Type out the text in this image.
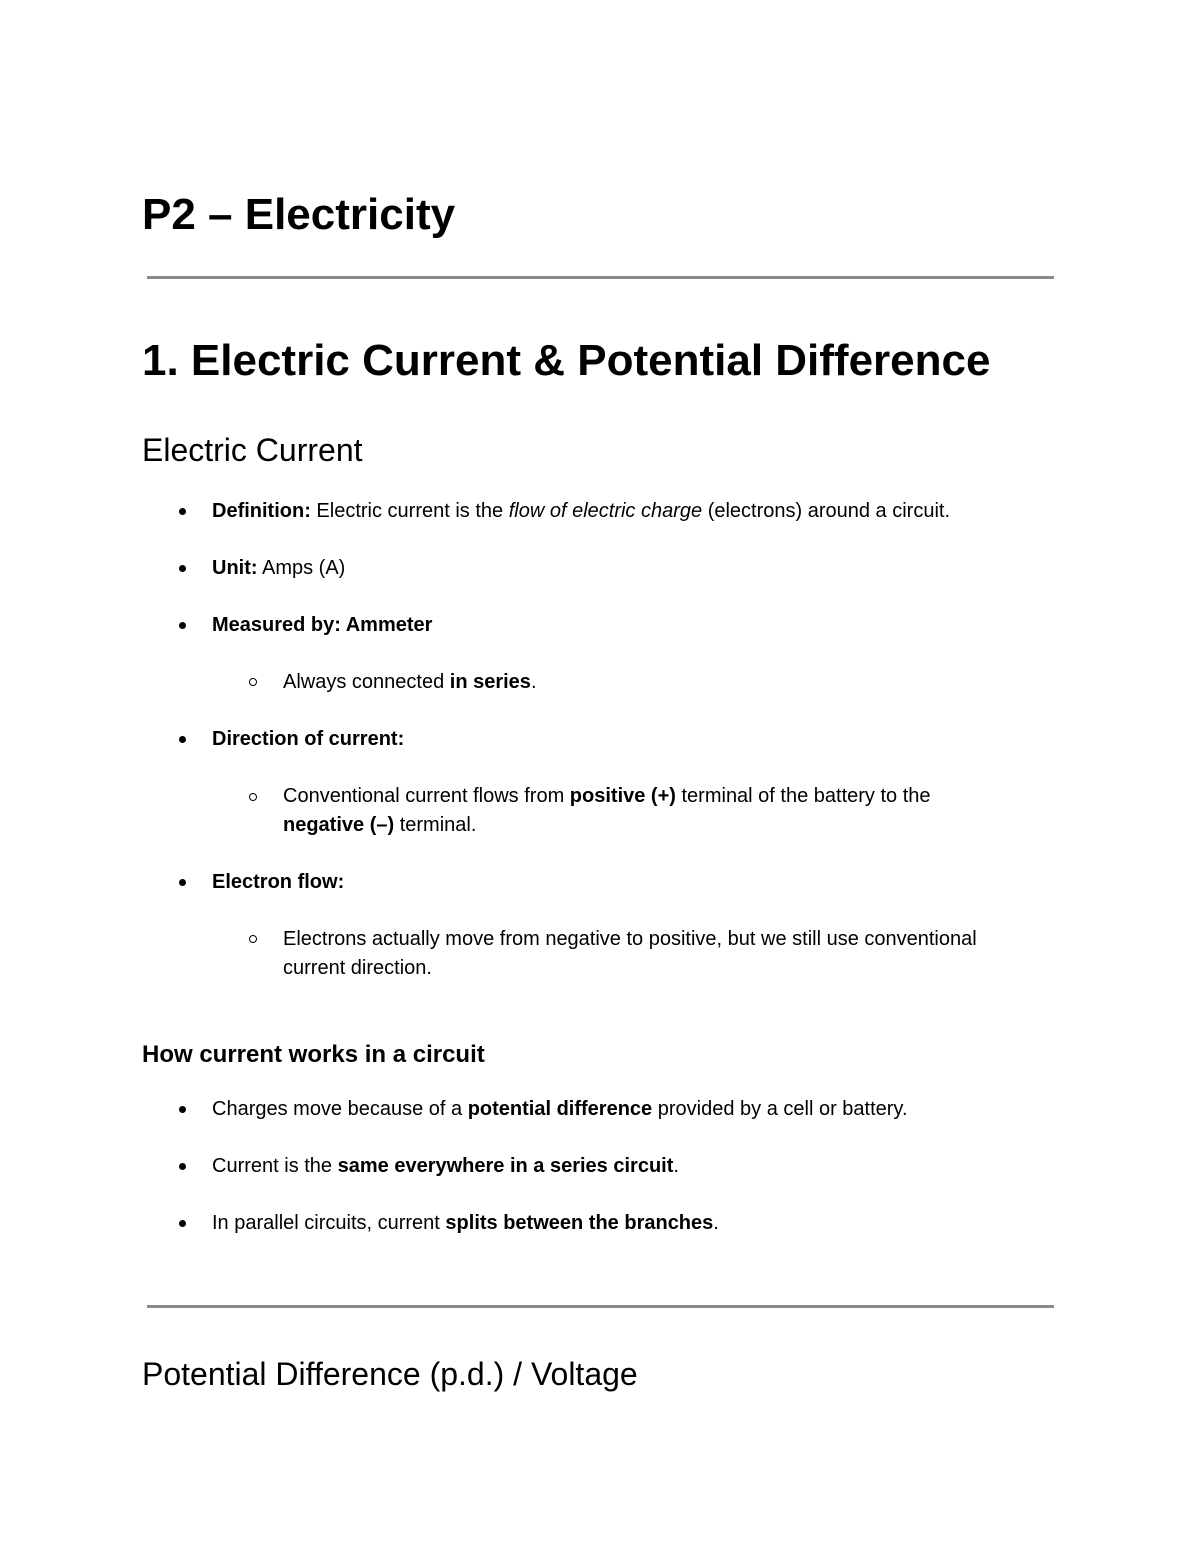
P2 – Electricity
1. Electric Current & Potential Difference
Electric Current

Definition: Electric current is the flow of electric charge (electrons) around a circuit.

Unit: Amps (A)

Measured by: Ammeter

Always connected in series.

Direction of current:

Conventional current flows from positive (+) terminal of the battery to the

negative (–) terminal.

Electron flow:

Electrons actually move from negative to positive, but we still use conventional

current direction.

How current works in a circuit

Charges move because of a potential difference provided by a cell or battery.

Current is the same everywhere in a series circuit.

In parallel circuits, current splits between the branches.

Potential Difference (p.d.) / Voltage
